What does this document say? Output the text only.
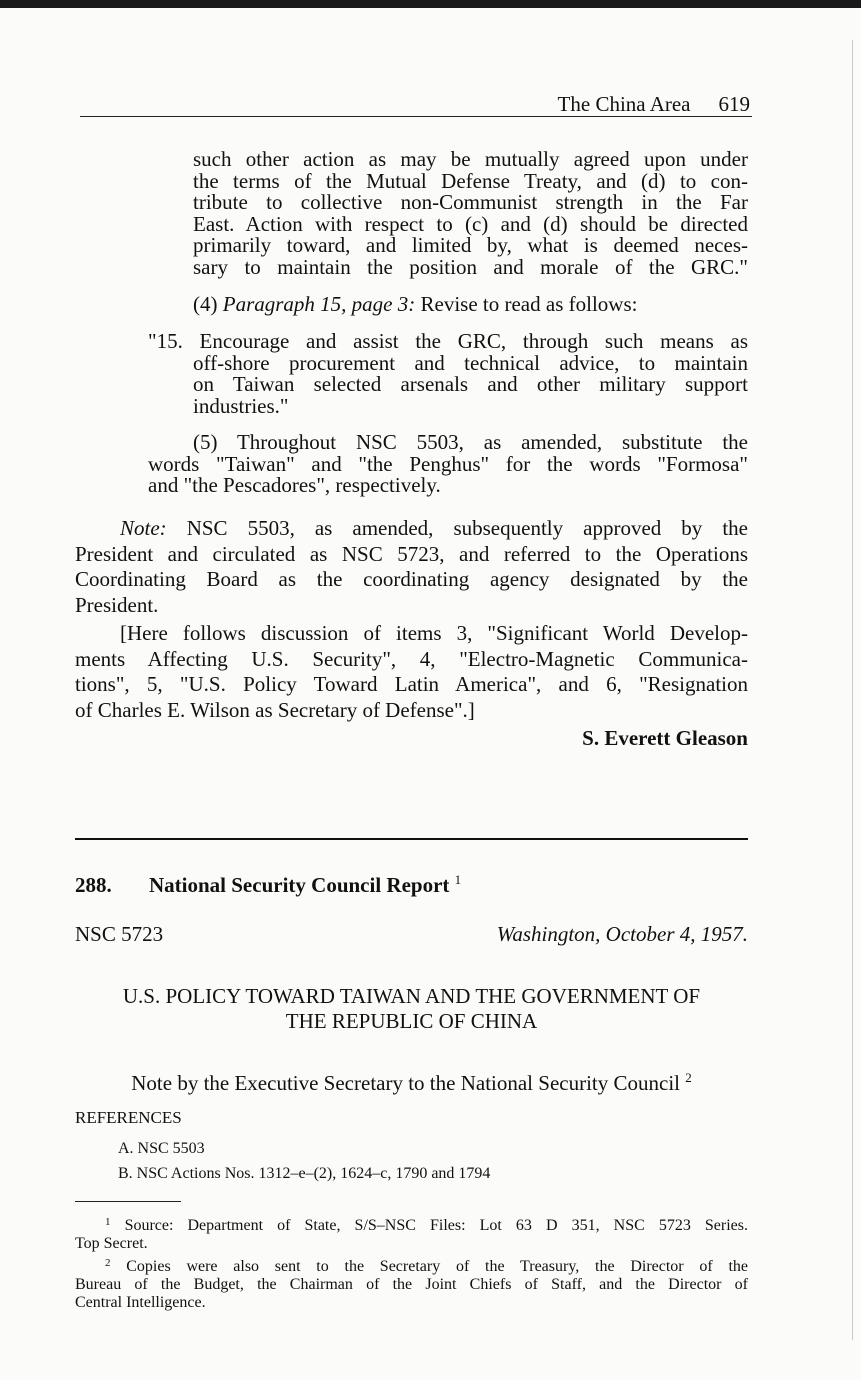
The China Area 619
such other action as may be mutually agreed upon under
the terms of the Mutual Defense Treaty, and (d) to con-
tribute to collective non-Communist strength in the Far
East. Action with respect to (c) and (d) should be directed
primarily toward, and limited by, what is deemed neces-
sary to maintain the position and morale of the GRC."
(4) Paragraph 15, page 3: Revise to read as follows:
"15. Encourage and assist the GRC, through such means as
off-shore procurement and technical advice, to maintain
on Taiwan selected arsenals and other military support
industries."
(5) Throughout NSC 5503, as amended, substitute the
words "Taiwan" and "the Penghus" for the words "Formosa"
and "the Pescadores", respectively.
Note: NSC 5503, as amended, subsequently approved by the
President and circulated as NSC 5723, and referred to the Operations
Coordinating Board as the coordinating agency designated by the
President.
[Here follows discussion of items 3, "Significant World Develop-
ments Affecting U.S. Security", 4, "Electro-Magnetic Communica-
tions", 5, "U.S. Policy Toward Latin America", and 6, "Resignation
of Charles E. Wilson as Secretary of Defense".]
S. Everett Gleason
288. National Security Council Report $^1$
NSC 5723	Washington, October 4, 1957.
U.S. POLICY TOWARD TAIWAN AND THE GOVERNMENT OF
THE REPUBLIC OF CHINA
Note by the Executive Secretary to the National Security Council $^2$
REFERENCES
A. NSC 5503
B. NSC Actions Nos. 1312–e–(2), 1624–c, 1790 and 1794
$^1$ Source: Department of State, S/S–NSC Files: Lot 63 D 351, NSC 5723 Series.
Top Secret.
$^2$ Copies were also sent to the Secretary of the Treasury, the Director of the
Bureau of the Budget, the Chairman of the Joint Chiefs of Staff, and the Director of
Central Intelligence.
